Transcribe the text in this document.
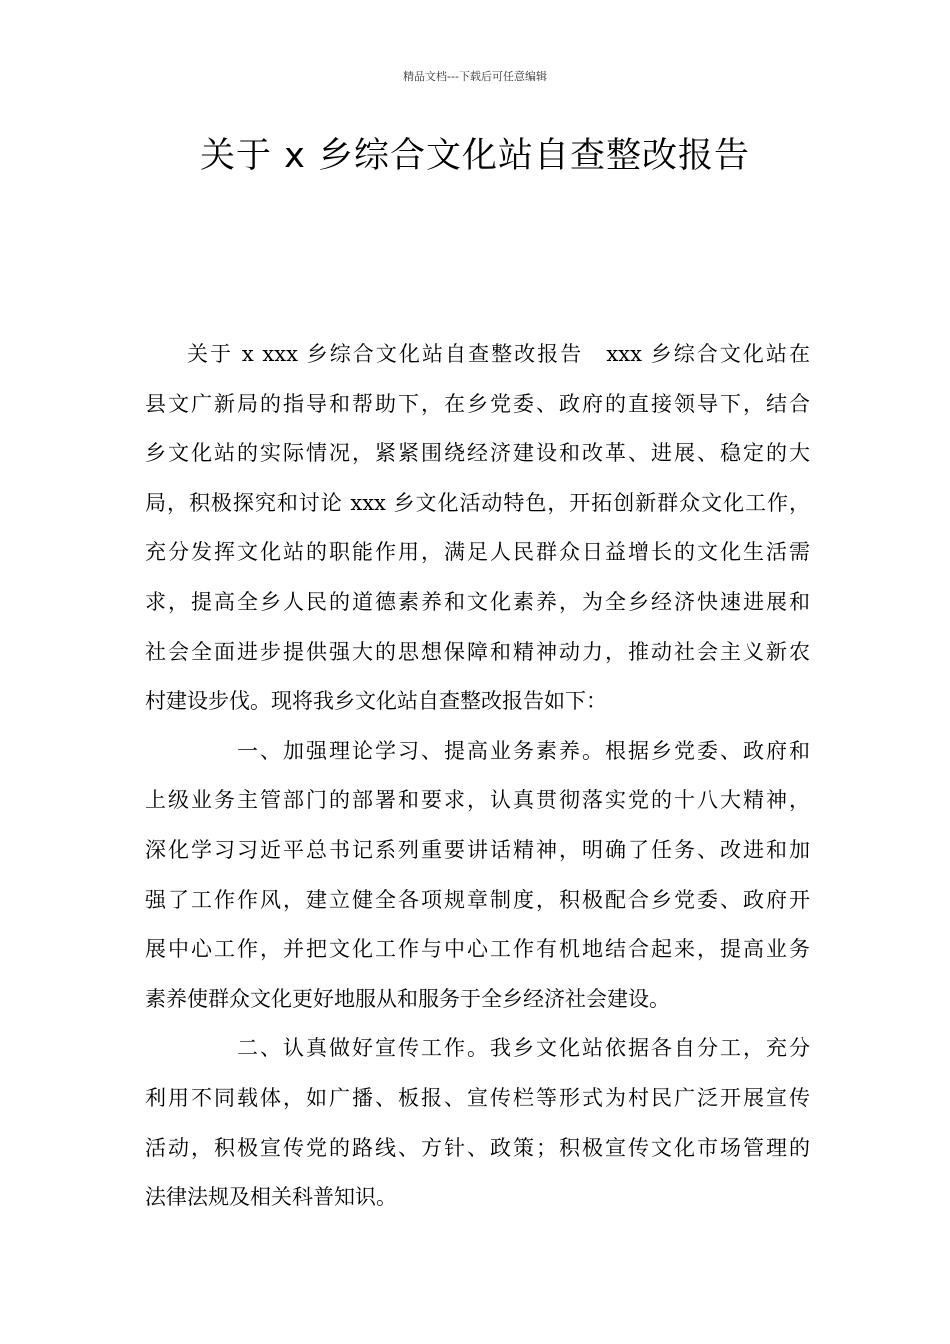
精品文档---下载后可任意编辑
关于 x 乡综合文化站自查整改报告
关于 x xxx 乡综合文化站自查整改报告　xxx 乡综合文化站在
县文广新局的指导和帮助下，在乡党委、政府的直接领导下，结合
乡文化站的实际情况，紧紧围绕经济建设和改革、进展、稳定的大
局，积极探究和讨论 xxx 乡文化活动特色，开拓创新群众文化工作，
充分发挥文化站的职能作用，满足人民群众日益增长的文化生活需
求，提高全乡人民的道德素养和文化素养，为全乡经济快速进展和
社会全面进步提供强大的思想保障和精神动力，推动社会主义新农
村建设步伐。现将我乡文化站自查整改报告如下：
一、加强理论学习、提高业务素养。根据乡党委、政府和
上级业务主管部门的部署和要求，认真贯彻落实党的十八大精神，
深化学习习近平总书记系列重要讲话精神，明确了任务、改进和加
强了工作作风，建立健全各项规章制度，积极配合乡党委、政府开
展中心工作，并把文化工作与中心工作有机地结合起来，提高业务
素养使群众文化更好地服从和服务于全乡经济社会建设。
二、认真做好宣传工作。我乡文化站依据各自分工，充分
利用不同载体，如广播、板报、宣传栏等形式为村民广泛开展宣传
活动，积极宣传党的路线、方针、政策；积极宣传文化市场管理的
法律法规及相关科普知识。
